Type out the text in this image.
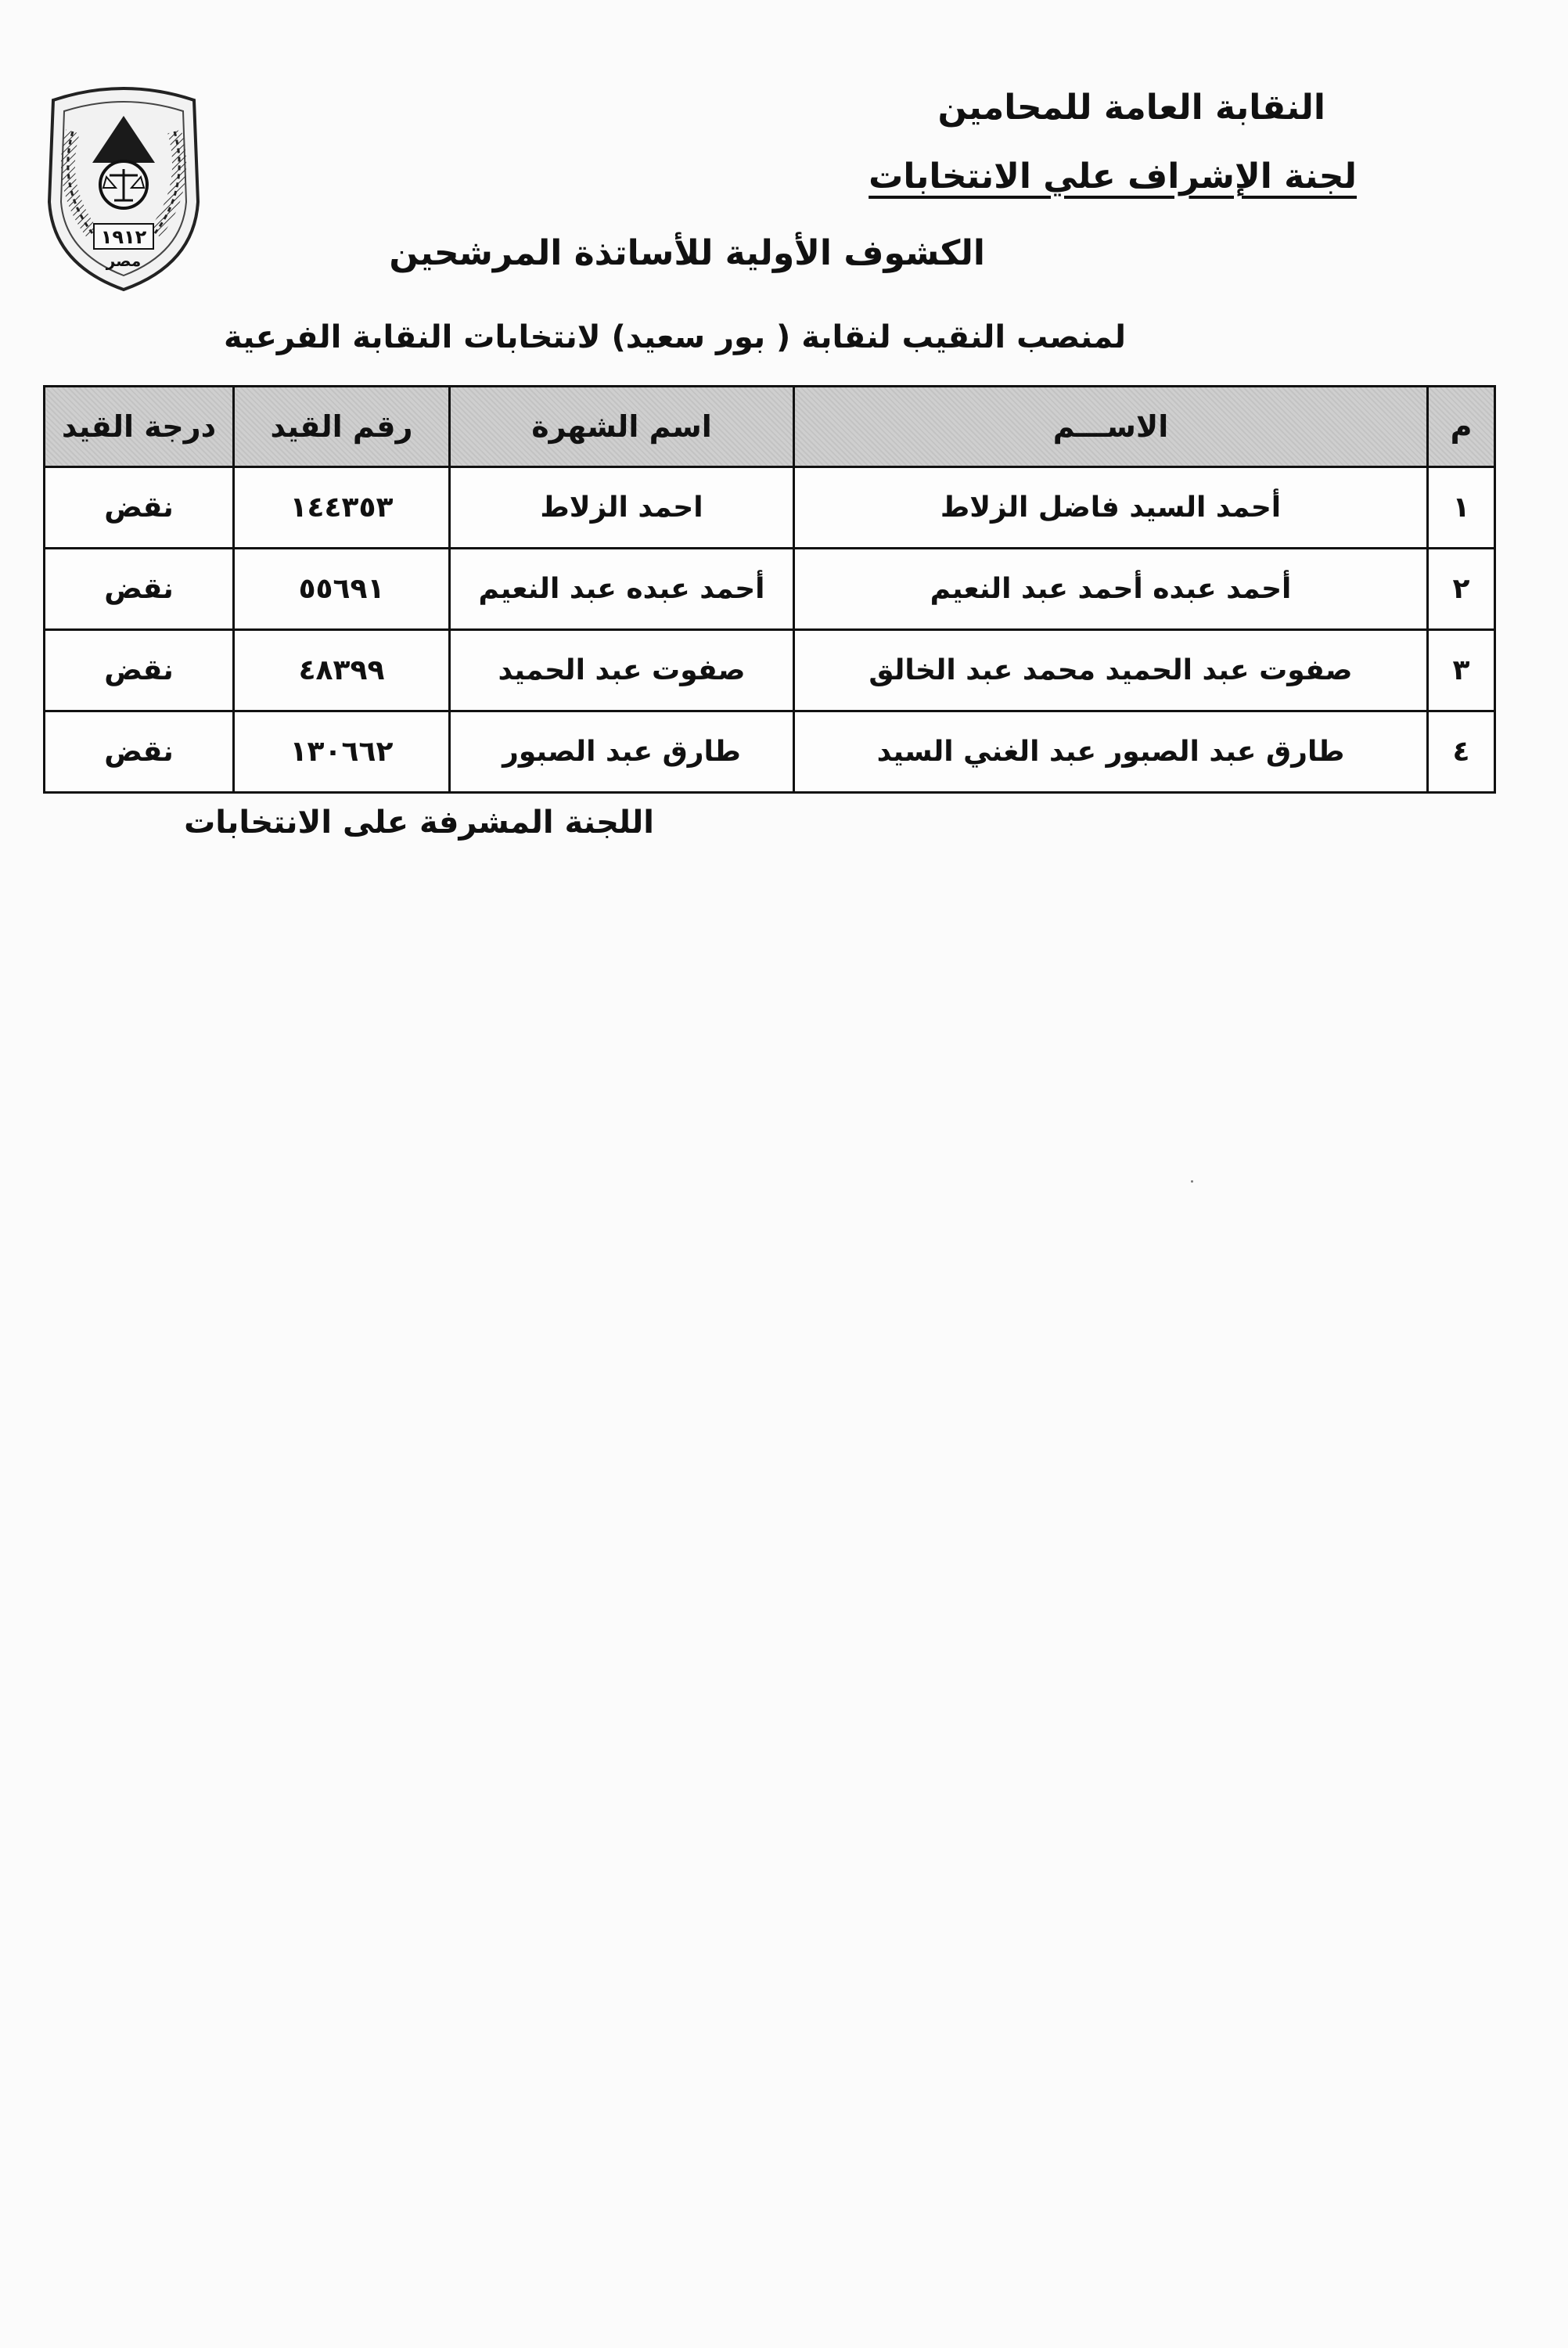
١٩١٢
مصر
النقابة العامة للمحامين
لجنة الإشراف علي الانتخابات
الكشوف الأولية للأساتذة المرشحين
لمنصب النقيب لنقابة ( بور سعيد) لانتخابات النقابة الفرعية
م	الاســـم	اسم الشهرة	رقم القيد	درجة القيد
١	أحمد السيد فاضل الزلاط	احمد الزلاط	١٤٤٣٥٣	نقض
٢	أحمد عبده أحمد عبد النعيم	أحمد عبده عبد النعيم	٥٥٦٩١	نقض
٣	صفوت عبد الحميد محمد عبد الخالق	صفوت عبد الحميد	٤٨٣٩٩	نقض
٤	طارق عبد الصبور عبد الغني السيد	طارق عبد الصبور	١٣٠٦٦٢	نقض
اللجنة المشرفة على الانتخابات
